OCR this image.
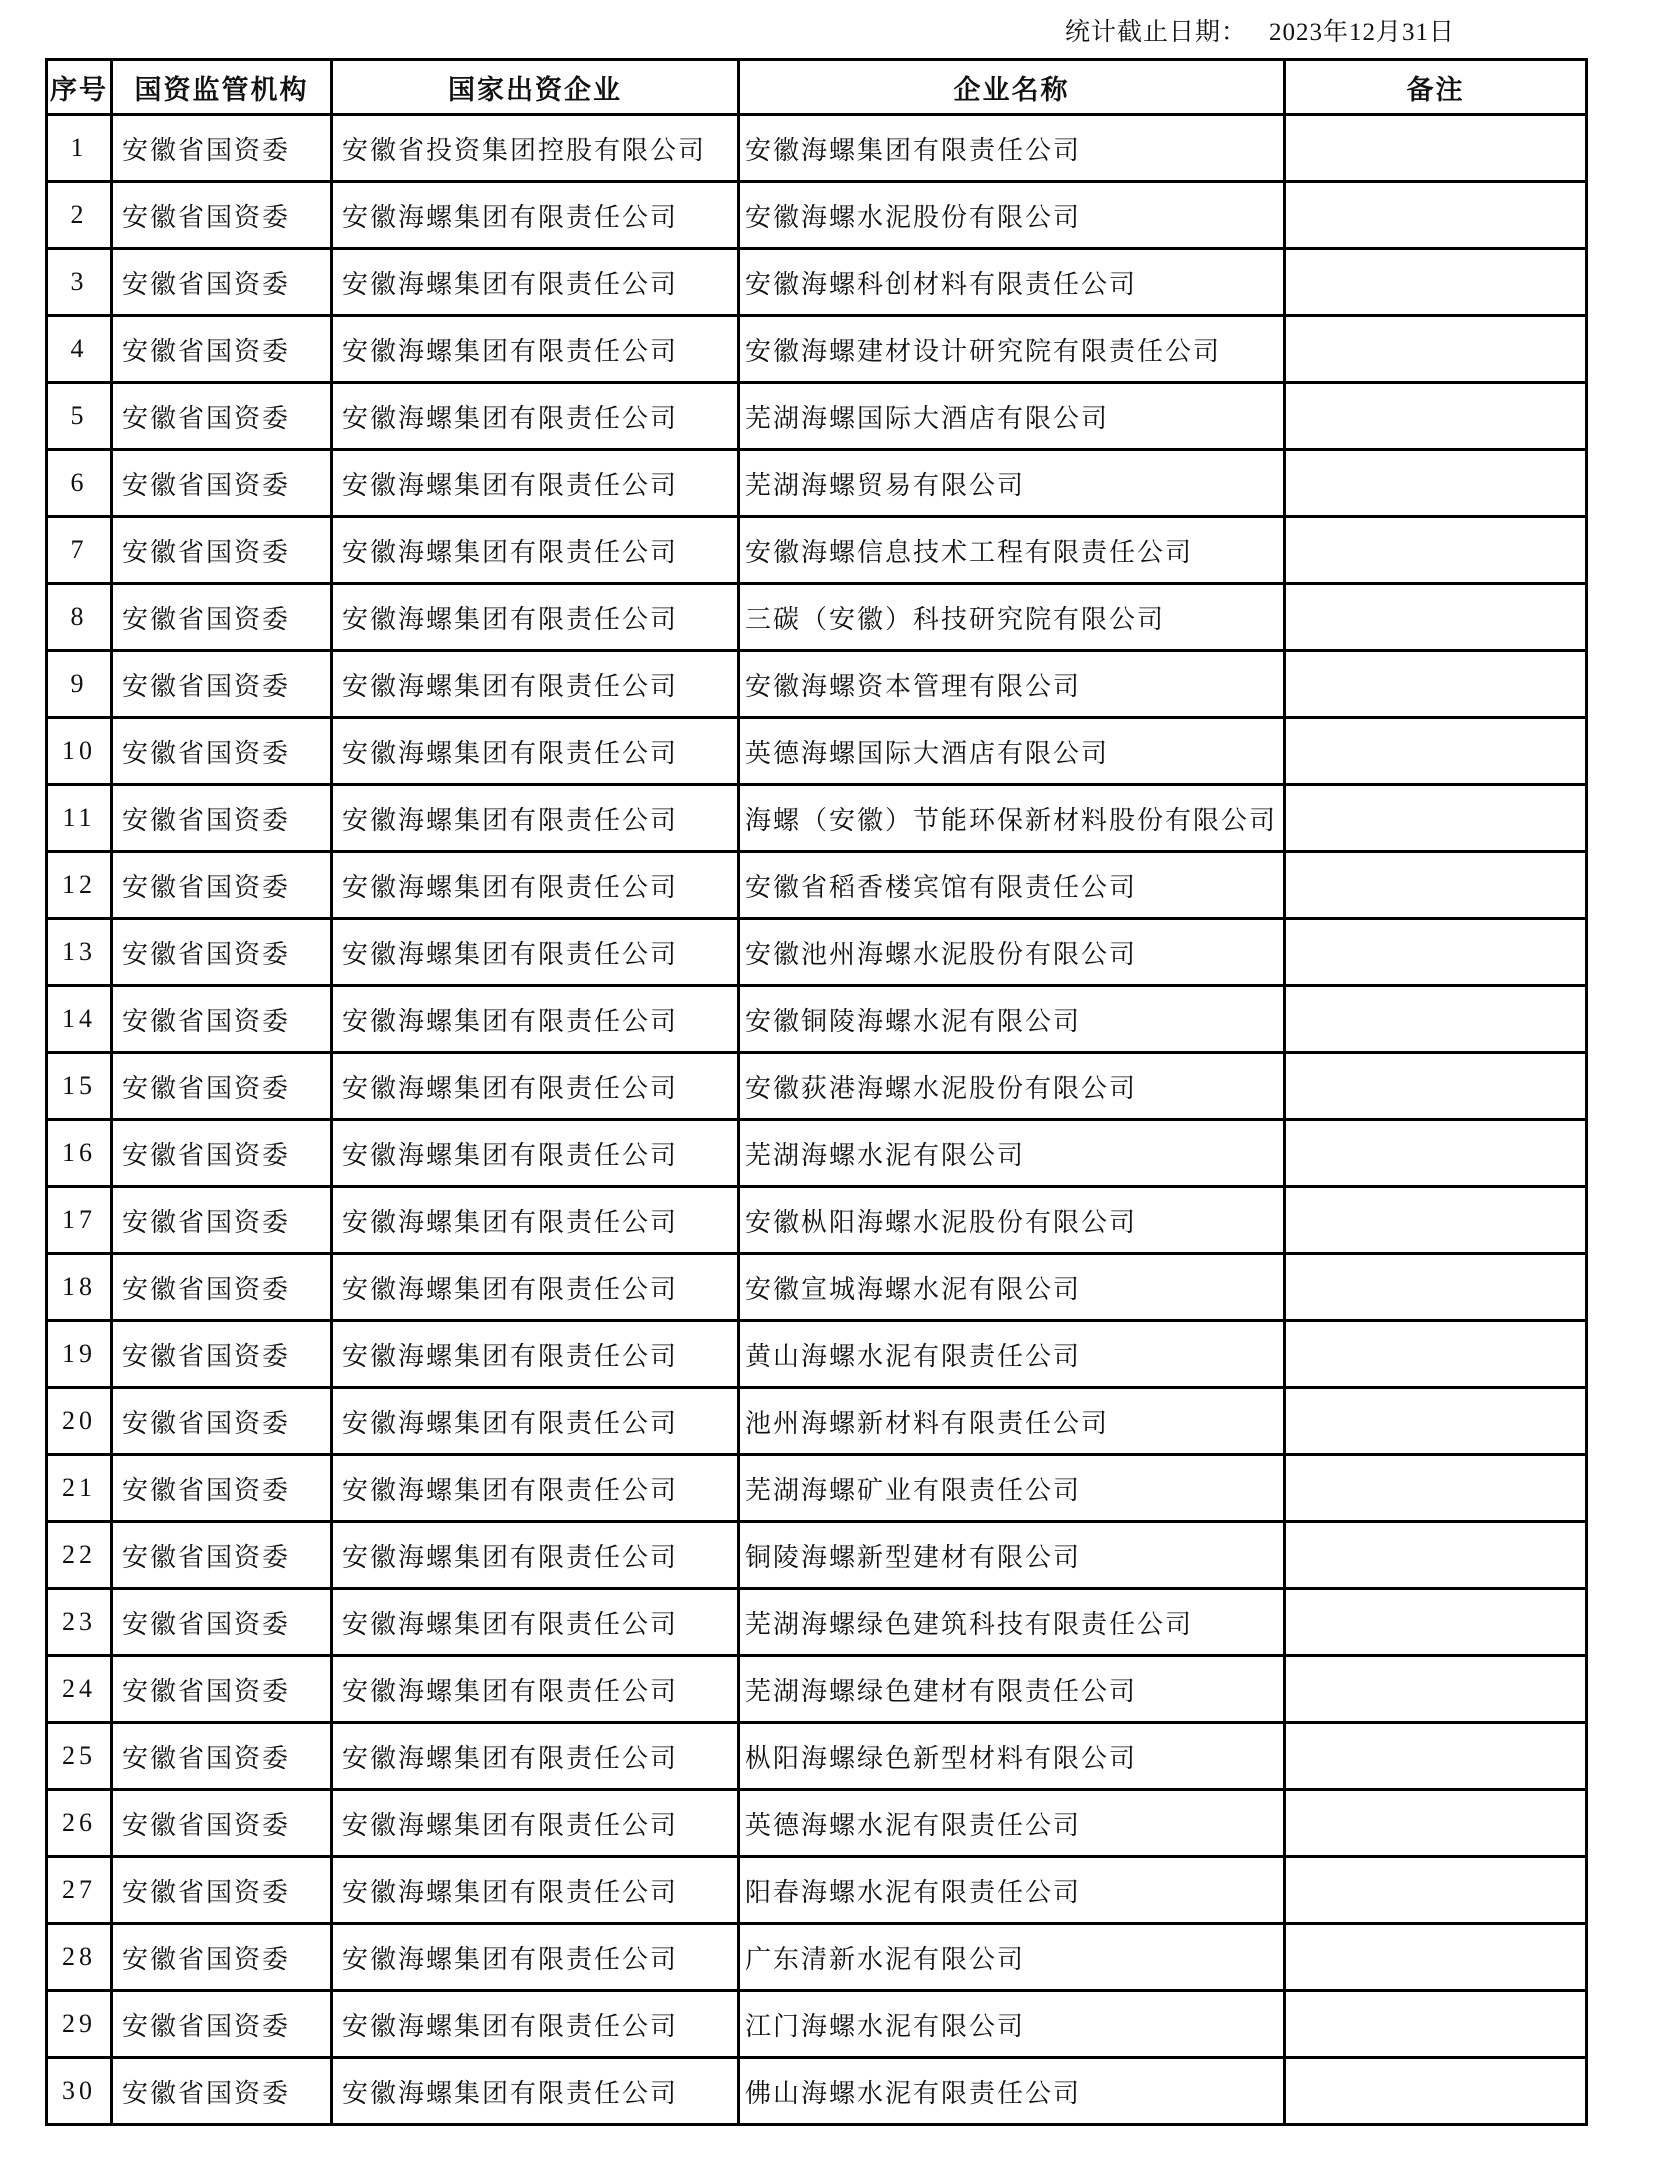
统计截止日期： 2023年12月31日
序号	国资监管机构	国家出资企业	企业名称	备注
1	安徽省国资委	安徽省投资集团控股有限公司	安徽海螺集团有限责任公司	
2	安徽省国资委	安徽海螺集团有限责任公司	安徽海螺水泥股份有限公司	
3	安徽省国资委	安徽海螺集团有限责任公司	安徽海螺科创材料有限责任公司	
4	安徽省国资委	安徽海螺集团有限责任公司	安徽海螺建材设计研究院有限责任公司	
5	安徽省国资委	安徽海螺集团有限责任公司	芜湖海螺国际大酒店有限公司	
6	安徽省国资委	安徽海螺集团有限责任公司	芜湖海螺贸易有限公司	
7	安徽省国资委	安徽海螺集团有限责任公司	安徽海螺信息技术工程有限责任公司	
8	安徽省国资委	安徽海螺集团有限责任公司	三碳（安徽）科技研究院有限公司	
9	安徽省国资委	安徽海螺集团有限责任公司	安徽海螺资本管理有限公司	
10	安徽省国资委	安徽海螺集团有限责任公司	英德海螺国际大酒店有限公司	
11	安徽省国资委	安徽海螺集团有限责任公司	海螺（安徽）节能环保新材料股份有限公司	
12	安徽省国资委	安徽海螺集团有限责任公司	安徽省稻香楼宾馆有限责任公司	
13	安徽省国资委	安徽海螺集团有限责任公司	安徽池州海螺水泥股份有限公司	
14	安徽省国资委	安徽海螺集团有限责任公司	安徽铜陵海螺水泥有限公司	
15	安徽省国资委	安徽海螺集团有限责任公司	安徽荻港海螺水泥股份有限公司	
16	安徽省国资委	安徽海螺集团有限责任公司	芜湖海螺水泥有限公司	
17	安徽省国资委	安徽海螺集团有限责任公司	安徽枞阳海螺水泥股份有限公司	
18	安徽省国资委	安徽海螺集团有限责任公司	安徽宣城海螺水泥有限公司	
19	安徽省国资委	安徽海螺集团有限责任公司	黄山海螺水泥有限责任公司	
20	安徽省国资委	安徽海螺集团有限责任公司	池州海螺新材料有限责任公司	
21	安徽省国资委	安徽海螺集团有限责任公司	芜湖海螺矿业有限责任公司	
22	安徽省国资委	安徽海螺集团有限责任公司	铜陵海螺新型建材有限公司	
23	安徽省国资委	安徽海螺集团有限责任公司	芜湖海螺绿色建筑科技有限责任公司	
24	安徽省国资委	安徽海螺集团有限责任公司	芜湖海螺绿色建材有限责任公司	
25	安徽省国资委	安徽海螺集团有限责任公司	枞阳海螺绿色新型材料有限公司	
26	安徽省国资委	安徽海螺集团有限责任公司	英德海螺水泥有限责任公司	
27	安徽省国资委	安徽海螺集团有限责任公司	阳春海螺水泥有限责任公司	
28	安徽省国资委	安徽海螺集团有限责任公司	广东清新水泥有限公司	
29	安徽省国资委	安徽海螺集团有限责任公司	江门海螺水泥有限公司	
30	安徽省国资委	安徽海螺集团有限责任公司	佛山海螺水泥有限责任公司	
